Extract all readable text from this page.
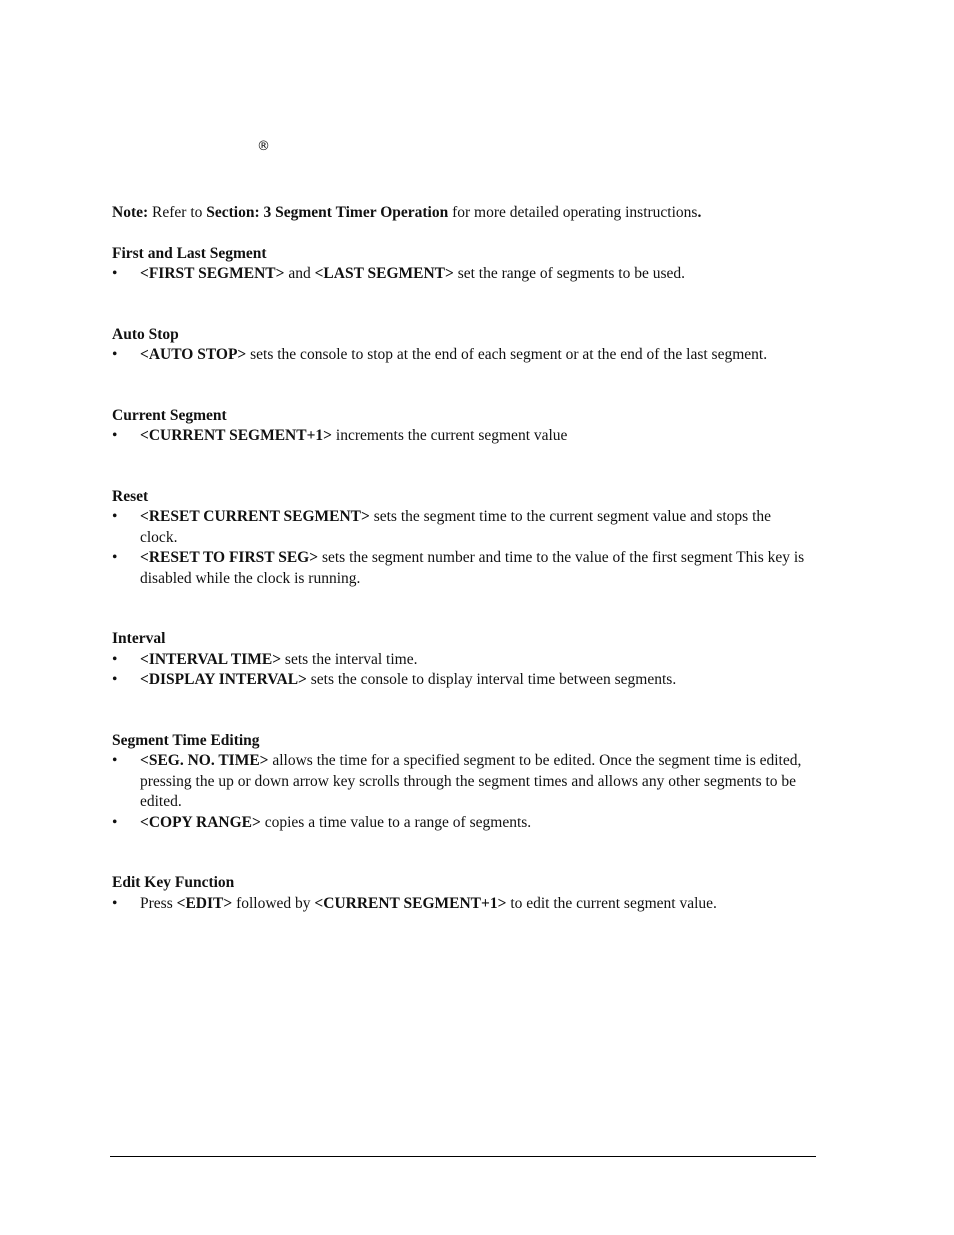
®

Note: Refer to Section: 3 Segment Timer Operation for more detailed operating instructions.

First and Last Segment

• <FIRST SEGMENT> and <LAST SEGMENT> set the range of segments to be used.

Auto Stop

• <AUTO STOP> sets the console to stop at the end of each segment or at the end of the last segment.

Current Segment

• <CURRENT SEGMENT+1> increments the current segment value

Reset

• <RESET CURRENT SEGMENT> sets the segment time to the current segment value and stops the clock.
• <RESET TO FIRST SEG> sets the segment number and time to the value of the first segment This key is disabled while the clock is running.

Interval

• <INTERVAL TIME> sets the interval time.
• <DISPLAY INTERVAL> sets the console to display interval time between segments.

Segment Time Editing

• <SEG. NO. TIME> allows the time for a specified segment to be edited. Once the segment time is edited, pressing the up or down arrow key scrolls through the segment times and allows any other segments to be edited.
• <COPY RANGE> copies a time value to a range of segments.

Edit Key Function

• Press <EDIT> followed by <CURRENT SEGMENT+1> to edit the current segment value.
